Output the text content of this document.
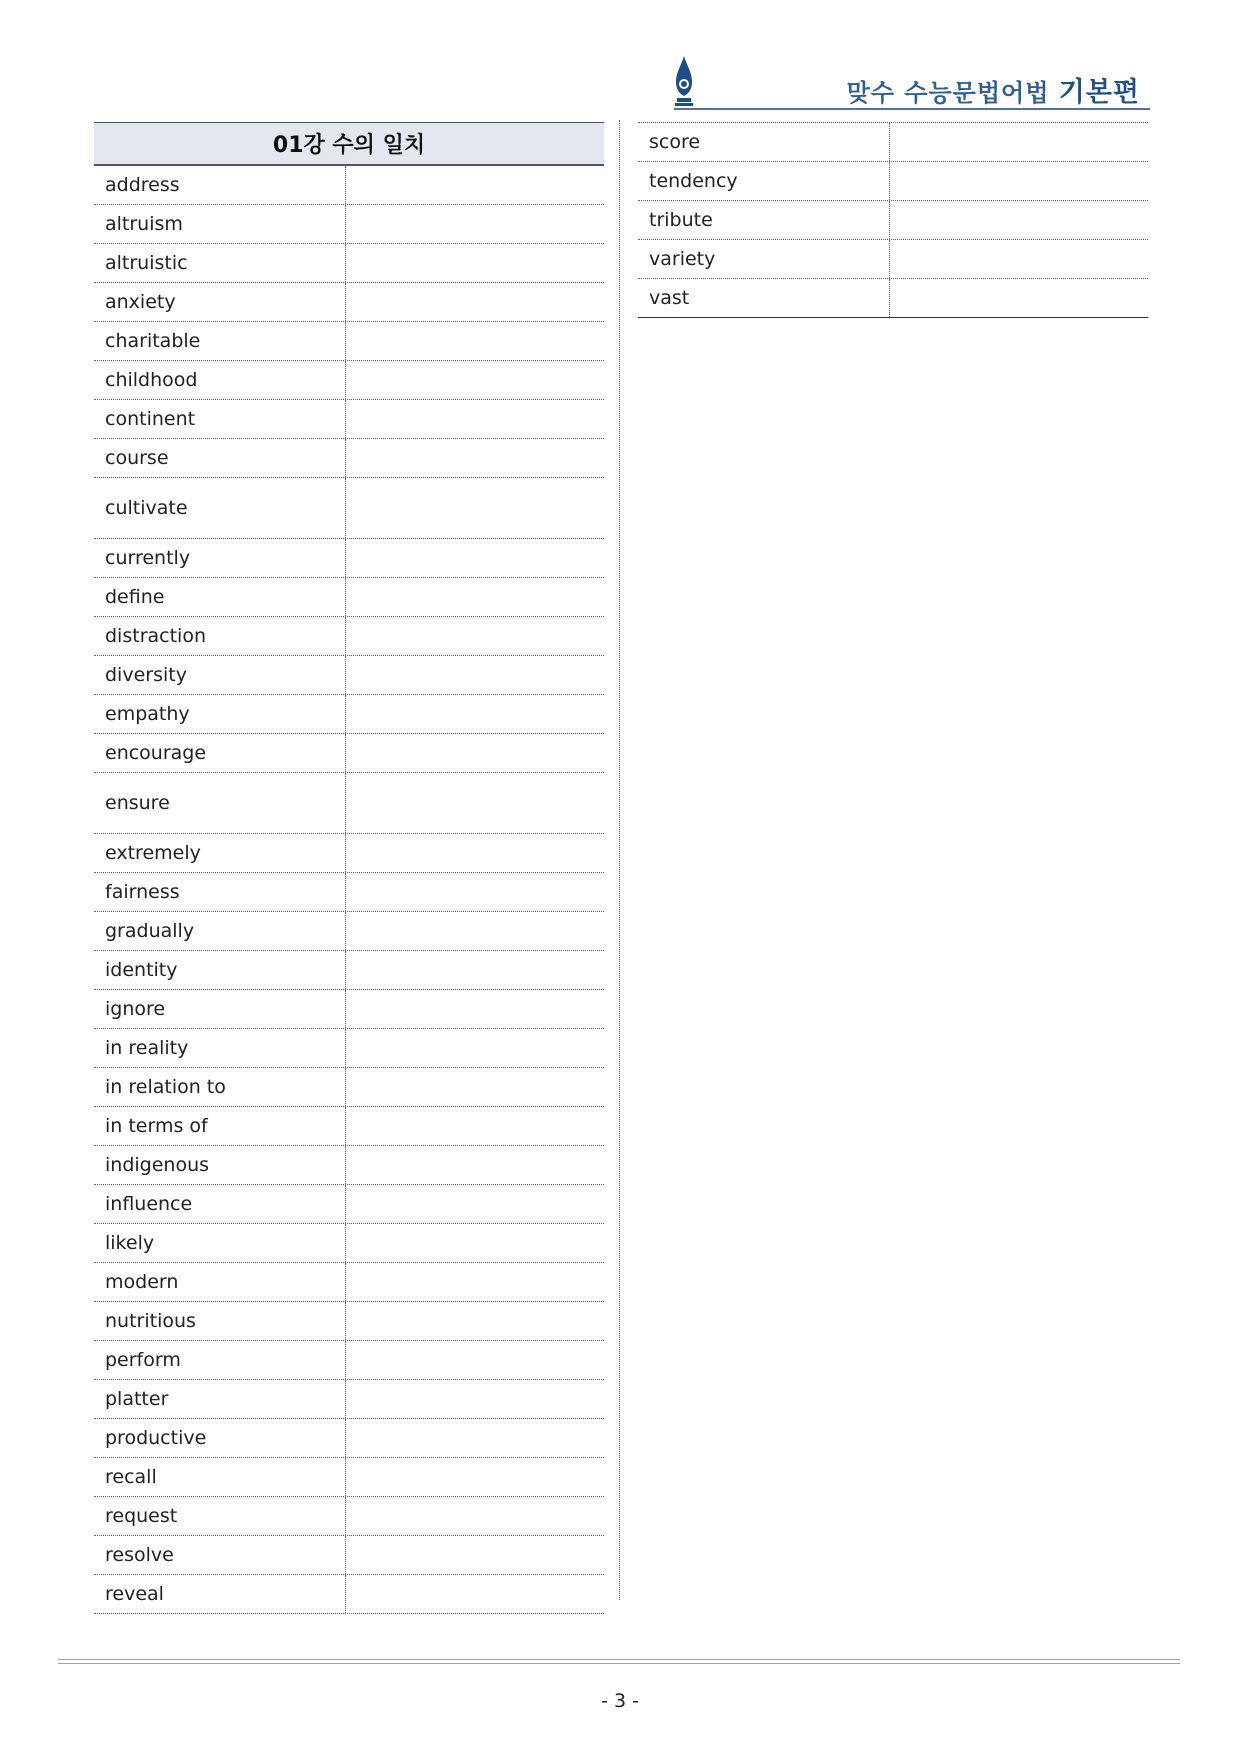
맞수 수능문법어법 기본편
01강 수의 일치
address
altruism
altruistic
anxiety
charitable
childhood
continent
course
cultivate
currently
define
distraction
diversity
empathy
encourage
ensure
extremely
fairness
gradually
identity
ignore
in reality
in relation to
in terms of
indigenous
influence
likely
modern
nutritious
perform
platter
productive
recall
request
resolve
reveal
score
tendency
tribute
variety
vast
- 3 -
